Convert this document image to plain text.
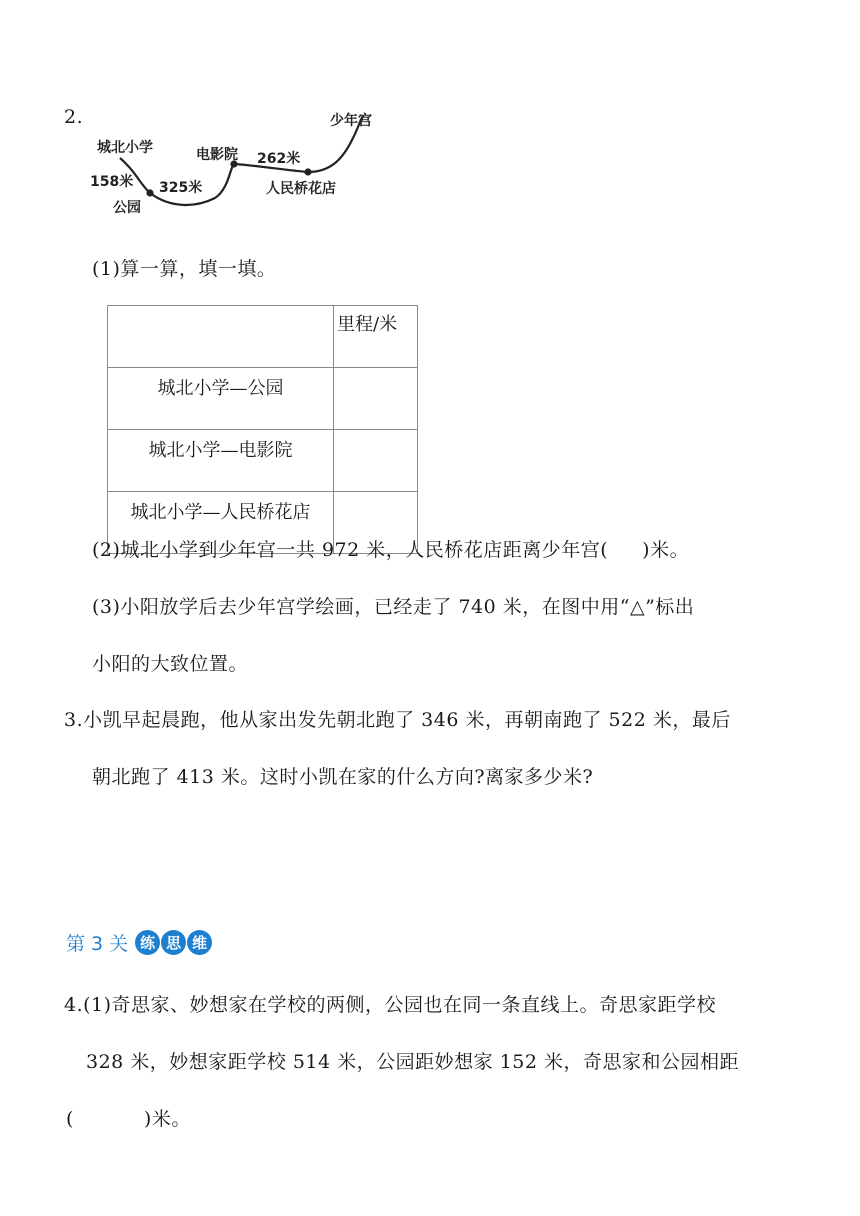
2.
城北小学
158米
公园
325米
电影院 262米
人民桥花店
少年宫
(1)算一算，填一填。
	里程/米
城北小学—公园	
城北小学—电影院	
城北小学—人民桥花店	
(2)城北小学到少年宫一共 972 米，人民桥花店距离少年宫( )米。
(3)小阳放学后去少年宫学绘画，已经走了 740 米，在图中用“△”标出
小阳的大致位置。
3.小凯早起晨跑，他从家出发先朝北跑了 346 米，再朝南跑了 522 米，最后
朝北跑了 413 米。这时小凯在家的什么方向?离家多少米?
第 3 关 练 思 维
4.(1)奇思家、妙想家在学校的两侧，公园也在同一条直线上。奇思家距学校
328 米，妙想家距学校 514 米，公园距妙想家 152 米，奇思家和公园相距
(	)米。
